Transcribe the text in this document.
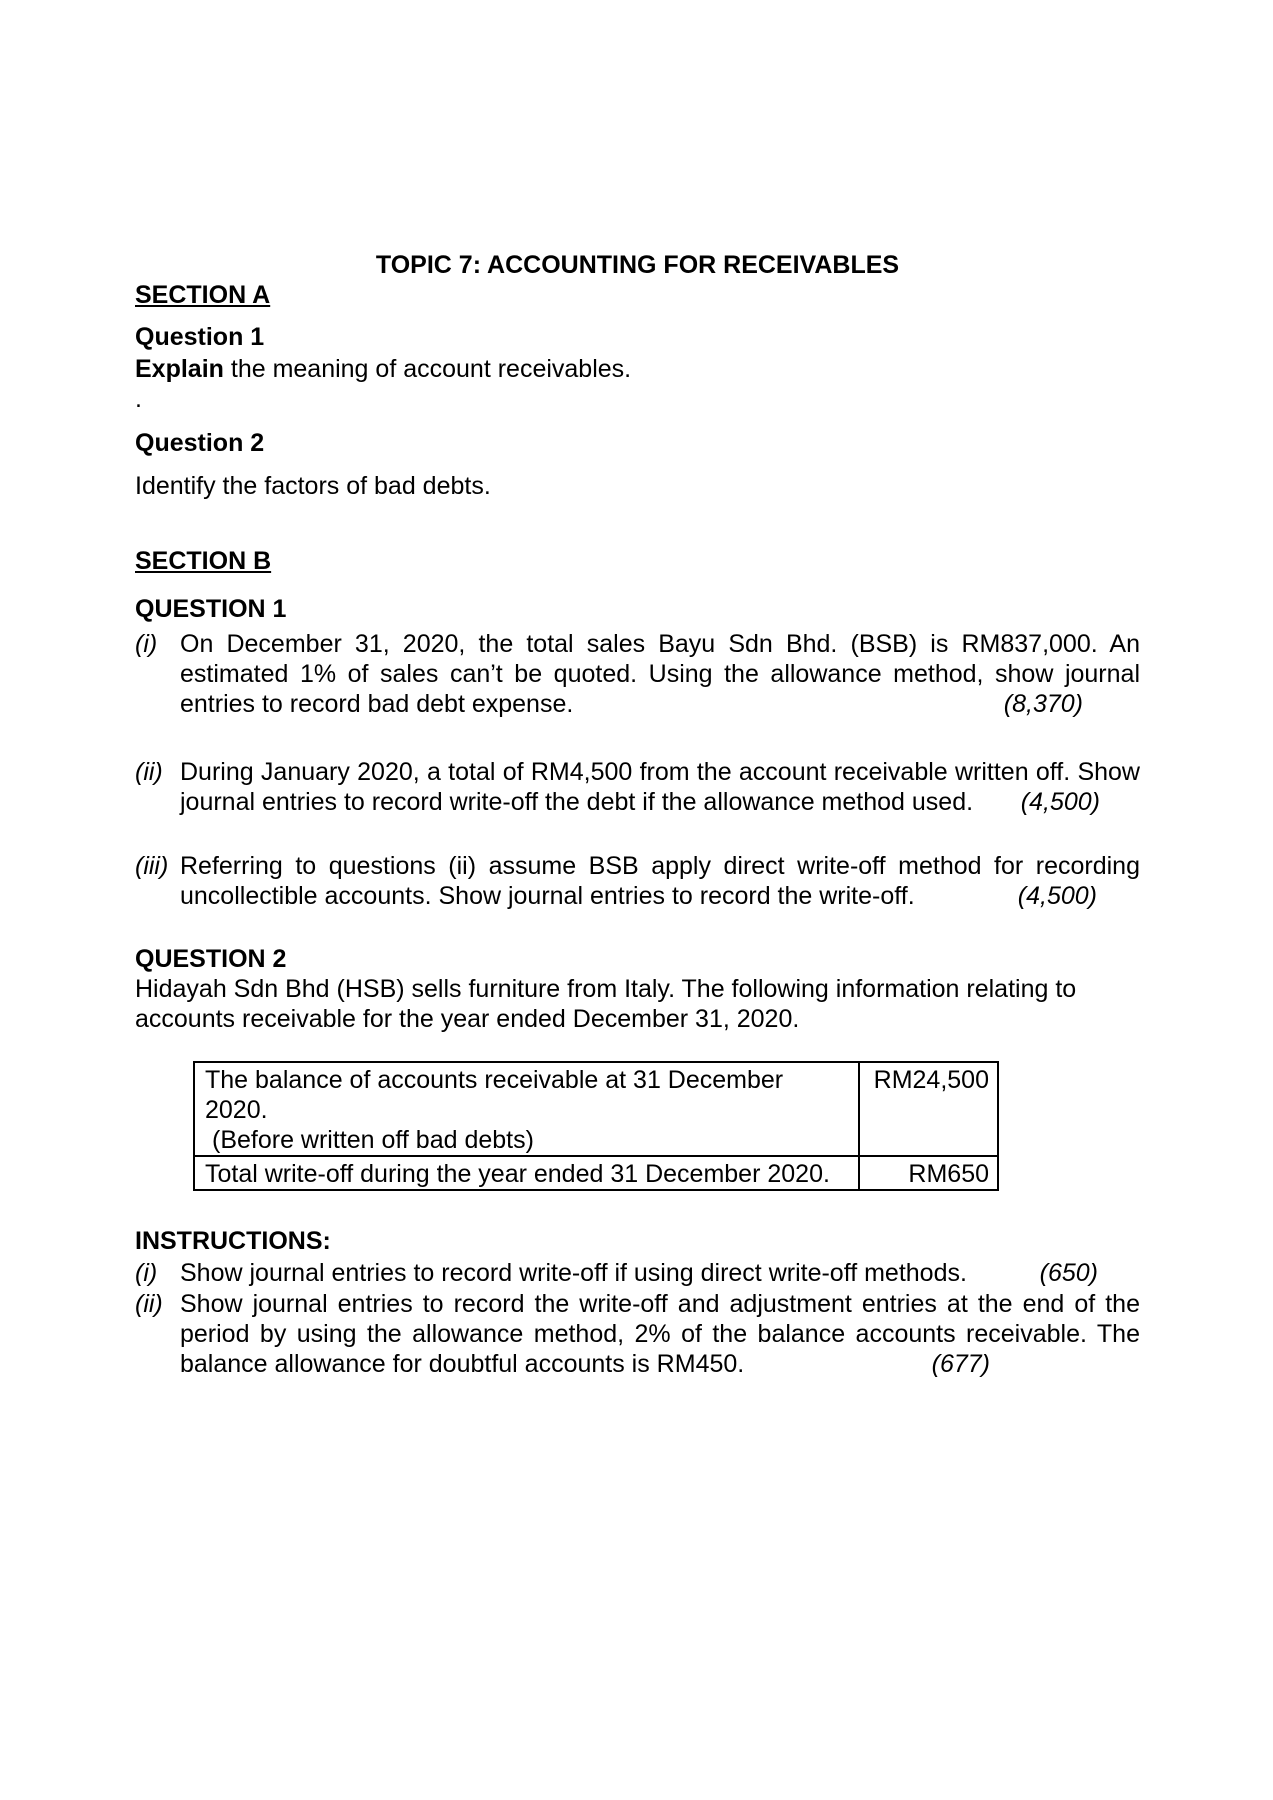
TOPIC 7: ACCOUNTING FOR RECEIVABLES
SECTION A
Question 1
Explain the meaning of account receivables.
.
Question 2
Identify the factors of bad debts.
SECTION B
QUESTION 1
(i) On December 31, 2020, the total sales Bayu Sdn Bhd. (BSB) is RM837,000. An estimated 1% of sales can’t be quoted. Using the allowance method, show journal entries to record bad debt expense.	(8,370)
(ii) During January 2020, a total of RM4,500 from the account receivable written off. Show journal entries to record write-off the debt if the allowance method used. (4,500)
(iii) Referring to questions (ii) assume BSB apply direct write-off method for recording uncollectible accounts. Show journal entries to record the write-off.	(4,500)
QUESTION 2
Hidayah Sdn Bhd (HSB) sells furniture from Italy. The following information relating to accounts receivable for the year ended December 31, 2020.
The balance of accounts receivable at 31 December 2020.
(Before written off bad debts)	RM24,500
Total write-off during the year ended 31 December 2020.	RM650
INSTRUCTIONS:
(i) Show journal entries to record write-off if using direct write-off methods.	(650)
(ii) Show journal entries to record the write-off and adjustment entries at the end of the period by using the allowance method, 2% of the balance accounts receivable. The balance allowance for doubtful accounts is RM450.	(677)
